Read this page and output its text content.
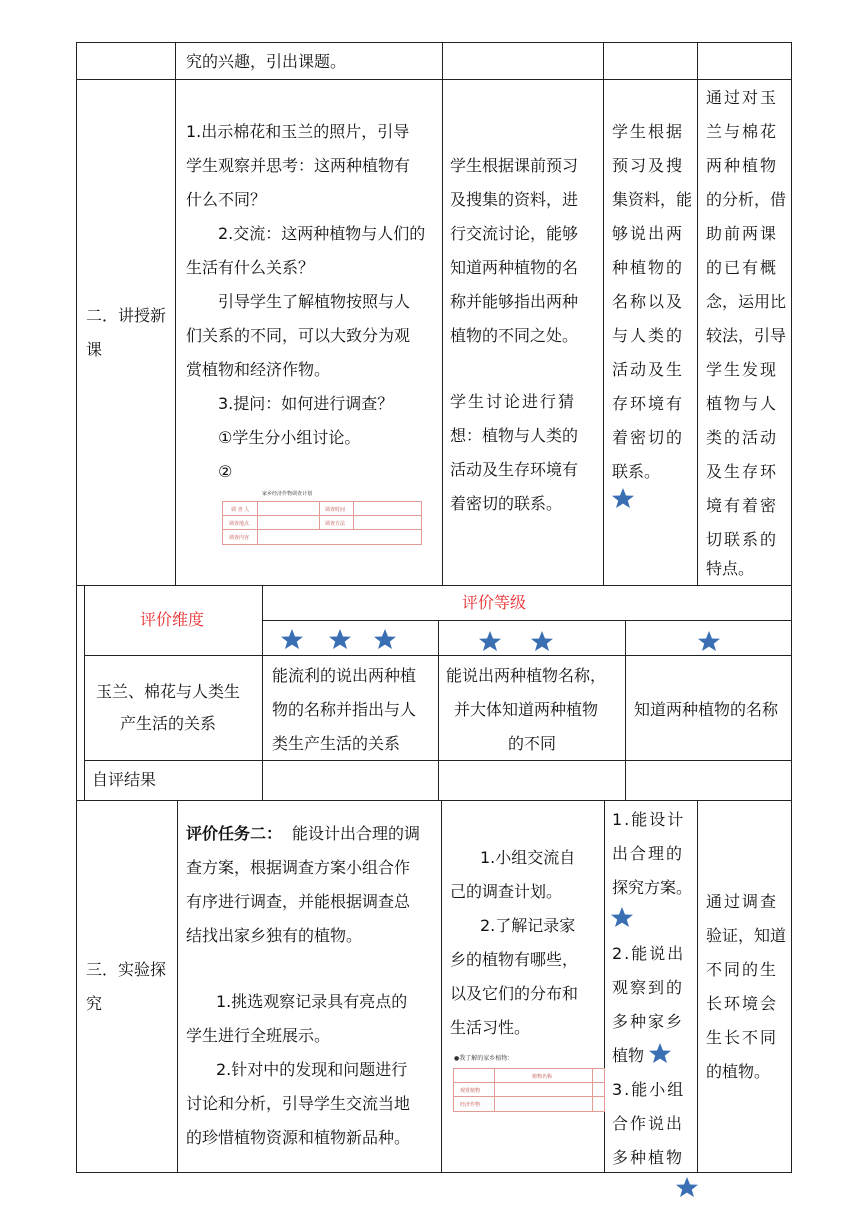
究的兴趣，引出课题。
二．讲授新
课
1.出示棉花和玉兰的照片，引导
学生观察并思考：这两种植物有
什么不同？
2.交流：这两种植物与人们的
生活有什么关系？
引导学生了解植物按照与人
们关系的不同，可以大致分为观
赏植物和经济作物。
3.提问：如何进行调查？
①学生分小组讨论。
②
家乡经济作物调查计划
调 查 人	调查时间
调查地点	调查方法
调查内容
学生根据课前预习
及搜集的资料，进
行交流讨论，能够
知道两种植物的名
称并能够指出两种
植物的不同之处。
学生讨论进行猜
想：植物与人类的
活动及生存环境有
着密切的联系。
学生根据
预习及搜
集资料，能
够说出两
种植物的
名称以及
与人类的
活动及生
存环境有
着密切的
联系。
通过对玉
兰与棉花
两种植物
的分析，借
助前两课
的已有概
念，运用比
较法，引导
学生发现
植物与人
类的活动
及生存环
境有着密
切联系的
特点。
评价维度
评价等级
玉兰、棉花与人类生
产生活的关系
能流利的说出两种植
物的名称并指出与人
类生产生活的关系
能说出两种植物名称，
并大体知道两种植物
的不同
知道两种植物的名称
自评结果
三．实验探
究
评价任务二： 能设计出合理的调
查方案，根据调查方案小组合作
有序进行调查，并能根据调查总
结找出家乡独有的植物。
1.挑选观察记录具有亮点的
学生进行全班展示。
2.针对中的发现和问题进行
讨论和分析，引导学生交流当地
的珍惜植物资源和植物新品种。
1.小组交流自
己的调查计划。
2.了解记录家
乡的植物有哪些，
以及它们的分布和
生活习性。
●我了解的家乡植物：
植物名称
观赏植物
经济作物
1.能设计
出合理的
探究方案。
2.能说出
观察到的
多种家乡
植物
3.能小组
合作说出
多种植物
通过调查
验证，知道
不同的生
长环境会
生长不同
的植物。
